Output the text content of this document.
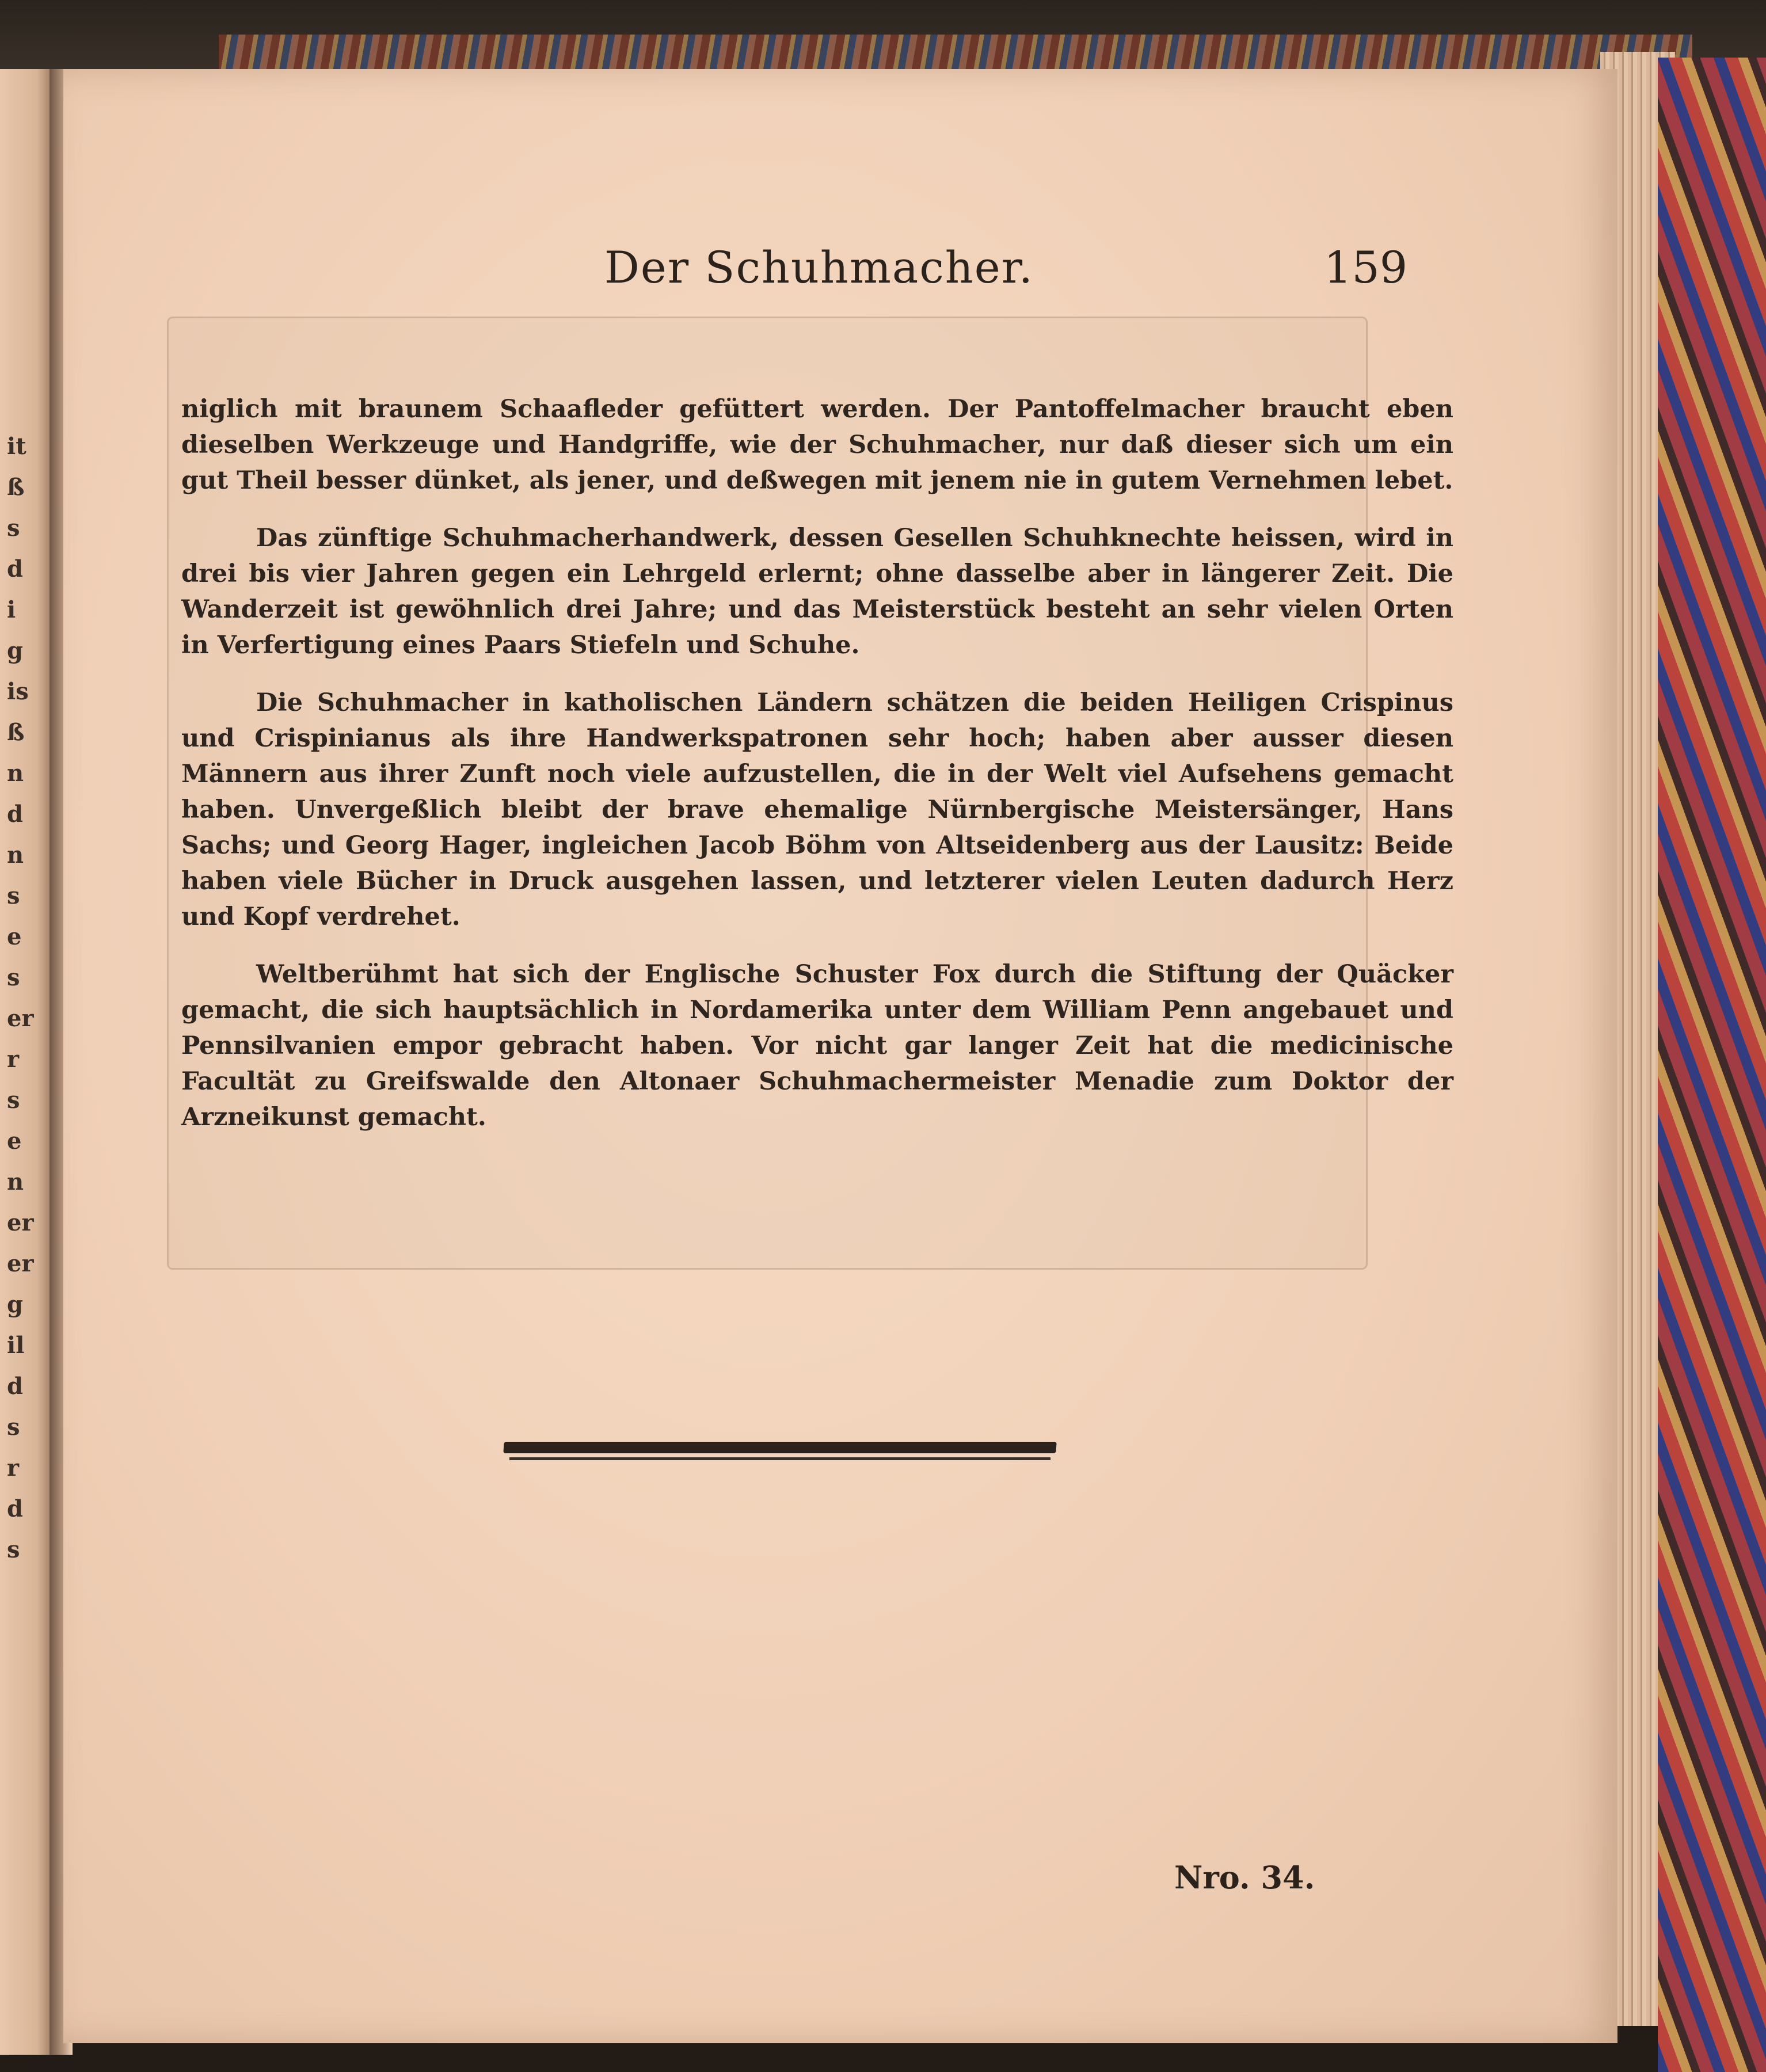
it
ß
s
d
i
g
is
ß
n
d
n
s
e
s
er
r
s
e
n
er
er
g
il
d
s
r
d
s
Der Schuhmacher.	159

niglich mit braunem Schaafleder gefüttert werden. Der Pantoffelmacher braucht eben dieselben Werkzeuge und Handgriffe, wie der Schuhmacher, nur daß dieser sich um ein gut Theil besser dünket, als jener, und deßwegen mit jenem nie in gutem Vernehmen lebet.

Das zünftige Schuhmacherhandwerk, dessen Gesellen Schuhknechte heissen, wird in drei bis vier Jahren gegen ein Lehrgeld erlernt; ohne dasselbe aber in längerer Zeit. Die Wanderzeit ist gewöhnlich drei Jahre; und das Meisterstück besteht an sehr vielen Orten in Verfertigung eines Paars Stiefeln und Schuhe.

Die Schuhmacher in katholischen Ländern schätzen die beiden Heiligen Crispinus und Crispinianus als ihre Handwerkspatronen sehr hoch; haben aber ausser diesen Männern aus ihrer Zunft noch viele aufzustellen, die in der Welt viel Aufsehens gemacht haben. Unvergeßlich bleibt der brave ehemalige Nürnbergische Meistersänger, Hans Sachs; und Georg Hager, ingleichen Jacob Böhm von Altseidenberg aus der Lausitz: Beide haben viele Bücher in Druck ausgehen lassen, und letzterer vielen Leuten dadurch Herz und Kopf verdrehet.

Weltberühmt hat sich der Englische Schuster Fox durch die Stiftung der Quäcker gemacht, die sich hauptsächlich in Nordamerika unter dem William Penn angebauet und Pennsilvanien empor gebracht haben. Vor nicht gar langer Zeit hat die medicinische Facultät zu Greifswalde den Altonaer Schuhmachermeister Menadie zum Doktor der Arzneikunst gemacht.

Nro. 34.
